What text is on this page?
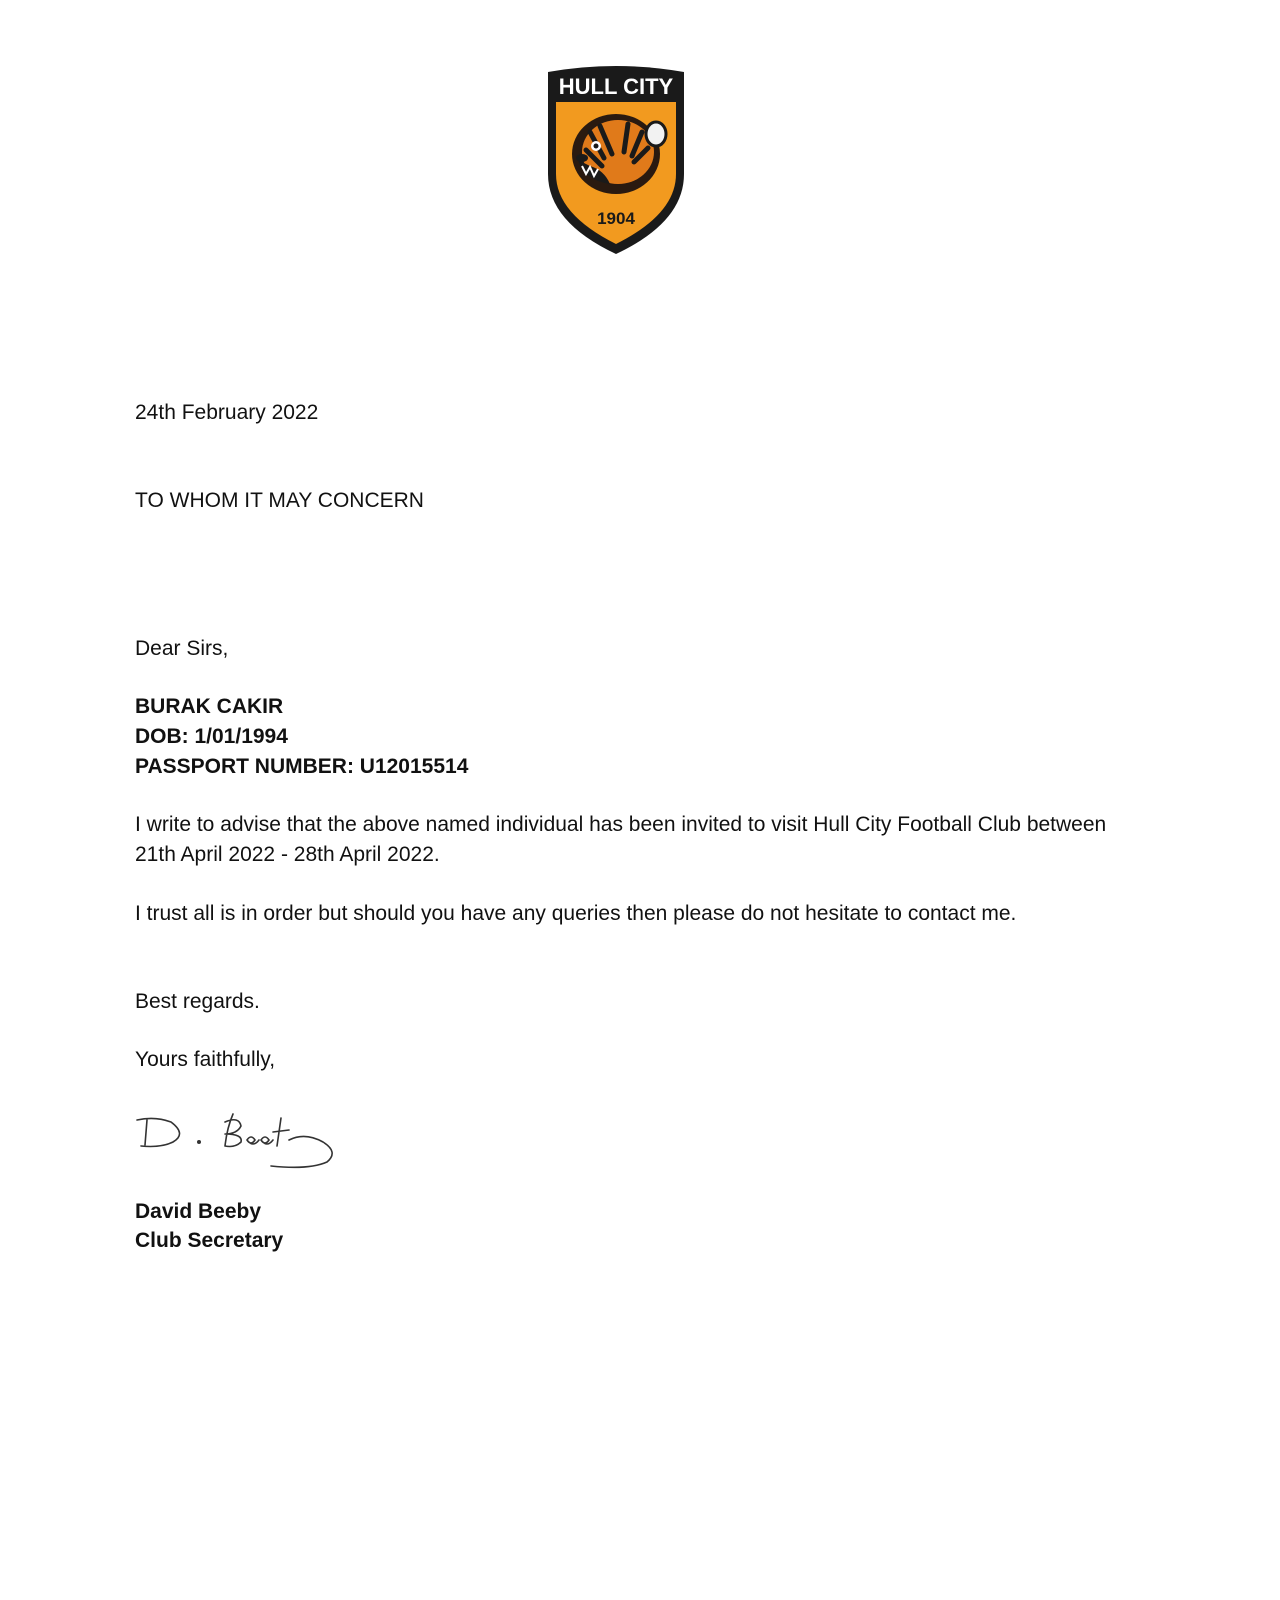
HULL CITY
1904
24th February 2022
TO WHOM IT MAY CONCERN
Dear Sirs,
BURAK CAKIR
DOB: 1/01/1994
PASSPORT NUMBER: U12015514
I write to advise that the above named individual has been invited to visit Hull City Football Club between 21th April 2022 - 28th April 2022.
I trust all is in order but should you have any queries then please do not hesitate to contact me.
Best regards.
Yours faithfully,
David Beeby
Club Secretary
